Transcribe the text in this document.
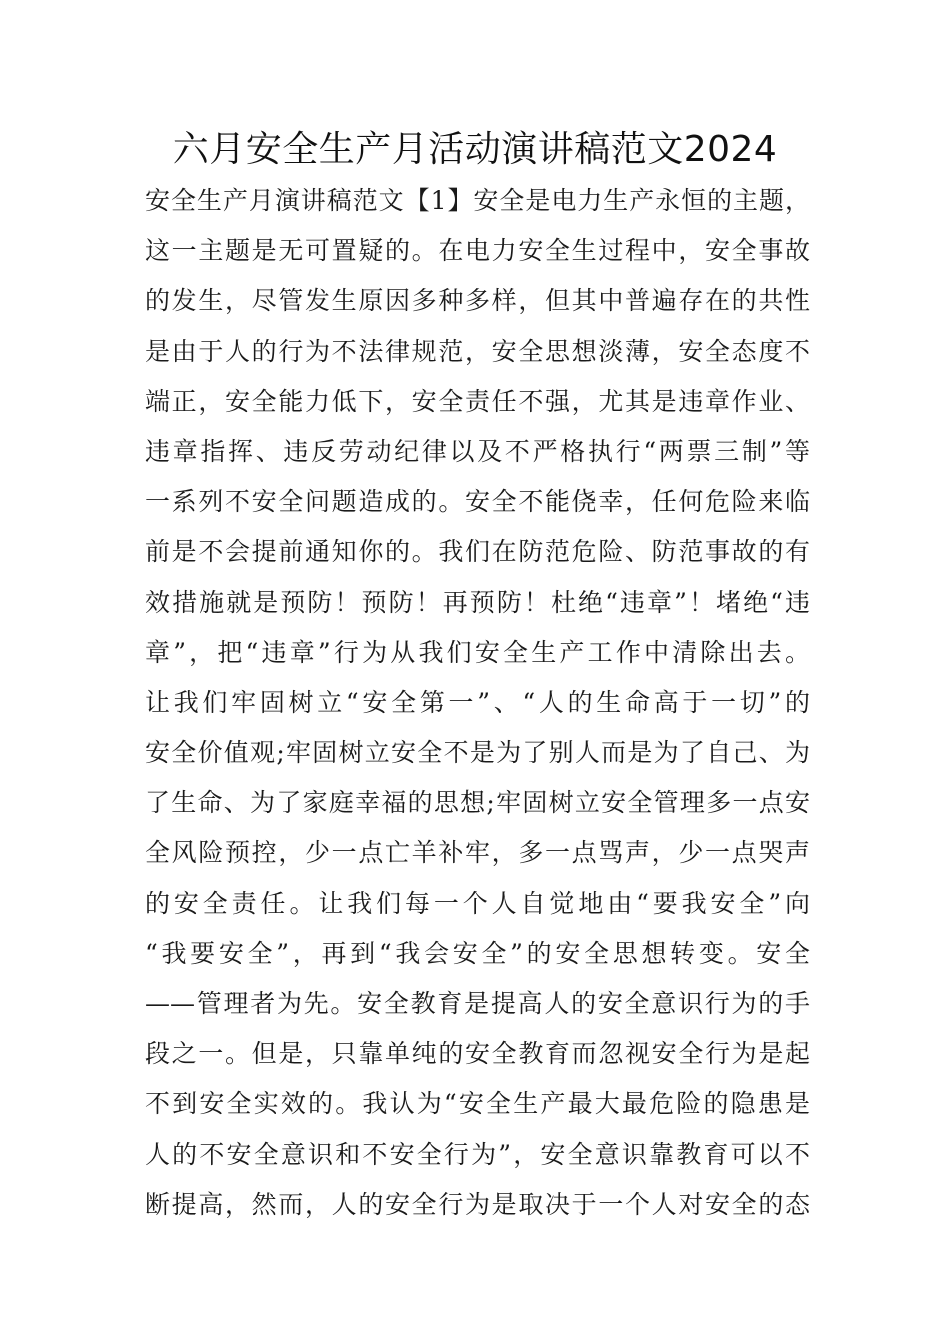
六月安全生产月活动演讲稿范文2024
安全生产月演讲稿范文【1】安全是电力生产永恒的主题，
这一主题是无可置疑的。在电力安全生过程中，安全事故
的发生，尽管发生原因多种多样，但其中普遍存在的共性
是由于人的行为不法律规范，安全思想淡薄，安全态度不
端正，安全能力低下，安全责任不强，尤其是违章作业、
违章指挥、违反劳动纪律以及不严格执行“两票三制”等
一系列不安全问题造成的。安全不能侥幸，任何危险来临
前是不会提前通知你的。我们在防范危险、防范事故的有
效措施就是预防！预防！再预防！杜绝“违章”！堵绝“违
章”，把“违章”行为从我们安全生产工作中清除出去。
让我们牢固树立“安全第一”、“人的生命高于一切”的
安全价值观;牢固树立安全不是为了别人而是为了自己、为
了生命、为了家庭幸福的思想;牢固树立安全管理多一点安
全风险预控，少一点亡羊补牢，多一点骂声，少一点哭声
的安全责任。让我们每一个人自觉地由“要我安全”向
“我要安全”，再到“我会安全”的安全思想转变。安全
——管理者为先。安全教育是提高人的安全意识行为的手
段之一。但是，只靠单纯的安全教育而忽视安全行为是起
不到安全实效的。我认为“安全生产最大最危险的隐患是
人的不安全意识和不安全行为”，安全意识靠教育可以不
断提高，然而，人的安全行为是取决于一个人对安全的态
